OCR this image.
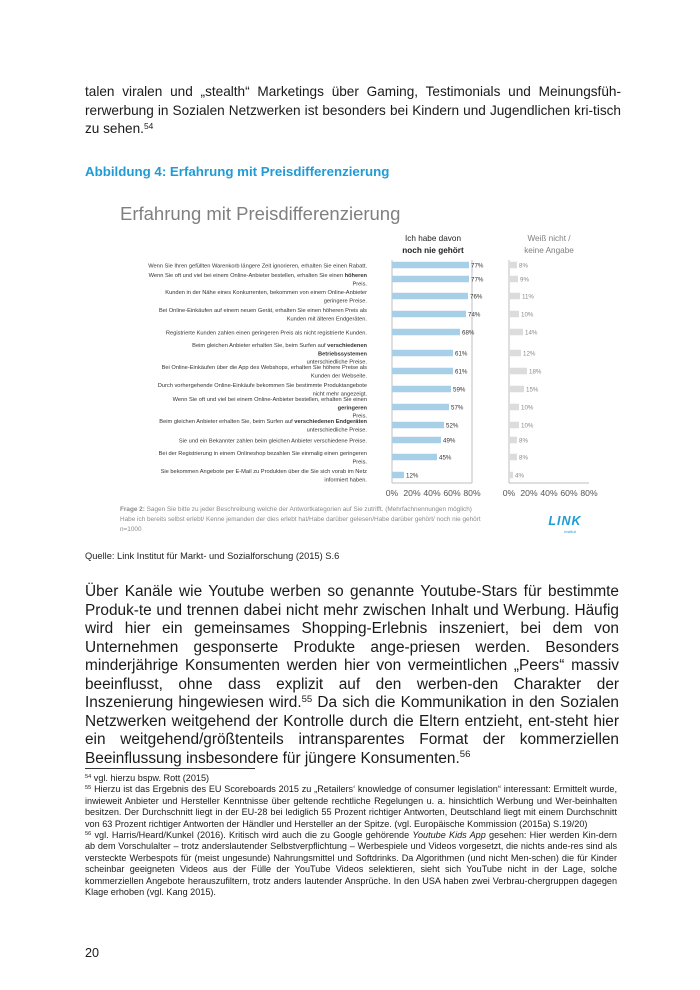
talen viralen und „stealth“ Marketings über Gaming, Testimonials und Meinungsfüh-rerwerbung in Sozialen Netzwerken ist besonders bei Kindern und Jugendlichen kri-tisch zu sehen.$^{54}$
Abbildung 4: Erfahrung mit Preisdifferenzierung
Erfahrung mit Preisdifferenzierung
Ich habe davon
noch nie gehört
Weiß nicht /
keine Angabe
0%	0%
20%	20%
40%	40%
60%	60%
80%	80%
Wenn Sie Ihren gefüllten Warenkorb längere Zeit ignorieren, erhalten Sie einen Rabatt.	77%	8%
Wenn Sie oft und viel bei einem Online-Anbieter bestellen, erhalten Sie einen höheren
Preis.
77%	9%
Kunden in der Nähe eines Konkurrenten, bekommen von einem Online-Anbieter
geringere Preise.
76%	11%
Bei Online-Einkäufen auf einem neuen Gerät, erhalten Sie einen höheren Preis als
Kunden mit älteren Endgeräten.
74%	10%
Registrierte Kunden zahlen einen geringeren Preis als nicht registrierte Kunden.	68%	14%
Beim gleichen Anbieter erhalten Sie, beim Surfen auf verschiedenen
Betriebssystemen
unterschiedliche Preise.
61%	12%
Bei Online-Einkäufen über die App des Webshops, erhalten Sie höhere Preise als
Kunden der Webseite.
61%	18%
Durch vorhergehende Online-Einkäufe bekommen Sie bestimmte Produktangebote
nicht mehr angezeigt.
59%	15%
Wenn Sie oft und viel bei einem Online-Anbieter bestellen, erhalten Sie einen
geringeren
Preis.
57%	10%
Beim gleichen Anbieter erhalten Sie, beim Surfen auf verschiedenen Endgeräten
unterschiedliche Preise.
52%	10%
Sie und ein Bekannter zahlen beim gleichen Anbieter verschiedene Preise.	49%	8%
Bei der Registrierung in einem Onlineshop bezahlen Sie einmalig einen geringeren
Preis.
45%	8%
Sie bekommen Angebote per E-Mail zu Produkten über die Sie sich vorab im Netz
informiert haben.
12%	4%
Frage 2: Sagen Sie bitte zu jeder Beschreibung welche der Antwortkategorien auf Sie zutrifft. (Mehrfachnennungen möglich)
Habe ich bereits selbst erlebt/ Kenne jemanden der dies erlebt hat/Habe darüber gelesen/Habe darüber gehört/ noch nie gehört
n=1000
LINK
institut
Quelle: Link Institut für Markt- und Sozialforschung (2015) S.6
Über Kanäle wie Youtube werben so genannte Youtube-Stars für bestimmte Produk-te und trennen dabei nicht mehr zwischen Inhalt und Werbung. Häufig wird hier ein gemeinsames Shopping-Erlebnis inszeniert, bei dem von Unternehmen gesponserte Produkte ange-priesen werden. Besonders minderjährige Konsumenten werden hier von vermeintlichen „Peers“ massiv beeinflusst, ohne dass explizit auf den werben-den Charakter der Inszenierung hingewiesen wird.$^{55}$ Da sich die Kommunikation in den Sozialen Netzwerken weitgehend der Kontrolle durch die Eltern entzieht, ent-steht hier ein weitgehend/größtenteils intransparentes Format der kommerziellen Beeinflussung insbesondere für jüngere Konsumenten.$^{56}$

$^{54}$ vgl. hierzu bspw. Rott (2015)

$^{55}$ Hierzu ist das Ergebnis des EU Scoreboards 2015 zu „Retailers‘ knowledge of consumer legislation“ interessant: Ermittelt wurde, inwieweit Anbieter und Hersteller Kenntnisse über geltende rechtliche Regelungen u. a. hinsichtlich Werbung und Wer-beinhalten besitzen. Der Durchschnitt liegt in der EU-28 bei lediglich 55 Prozent richtiger Antworten, Deutschland liegt mit einem Durchschnitt von 63 Prozent richtiger Antworten der Händler und Hersteller an der Spitze. (vgl. Europäische Kommission (2015a) S.19/20)

$^{56}$ vgl. Harris/Heard/Kunkel (2016). Kritisch wird auch die zu Google gehörende Youtube Kids App gesehen: Hier werden Kin-dern ab dem Vorschulalter – trotz anderslautender Selbstverpflichtung – Werbespiele und Videos vorgesetzt, die nichts ande-res sind als versteckte Werbespots für (meist ungesunde) Nahrungsmittel und Softdrinks. Da Algorithmen (und nicht Men-schen) die für Kinder scheinbar geeigneten Videos aus der Fülle der YouTube Videos selektieren, sieht sich YouTube nicht in der Lage, solche kommerziellen Angebote herauszufiltern, trotz anders lautender Ansprüche. In den USA haben zwei Verbrau-chergruppen dagegen Klage erhoben (vgl. Kang 2015).

20
